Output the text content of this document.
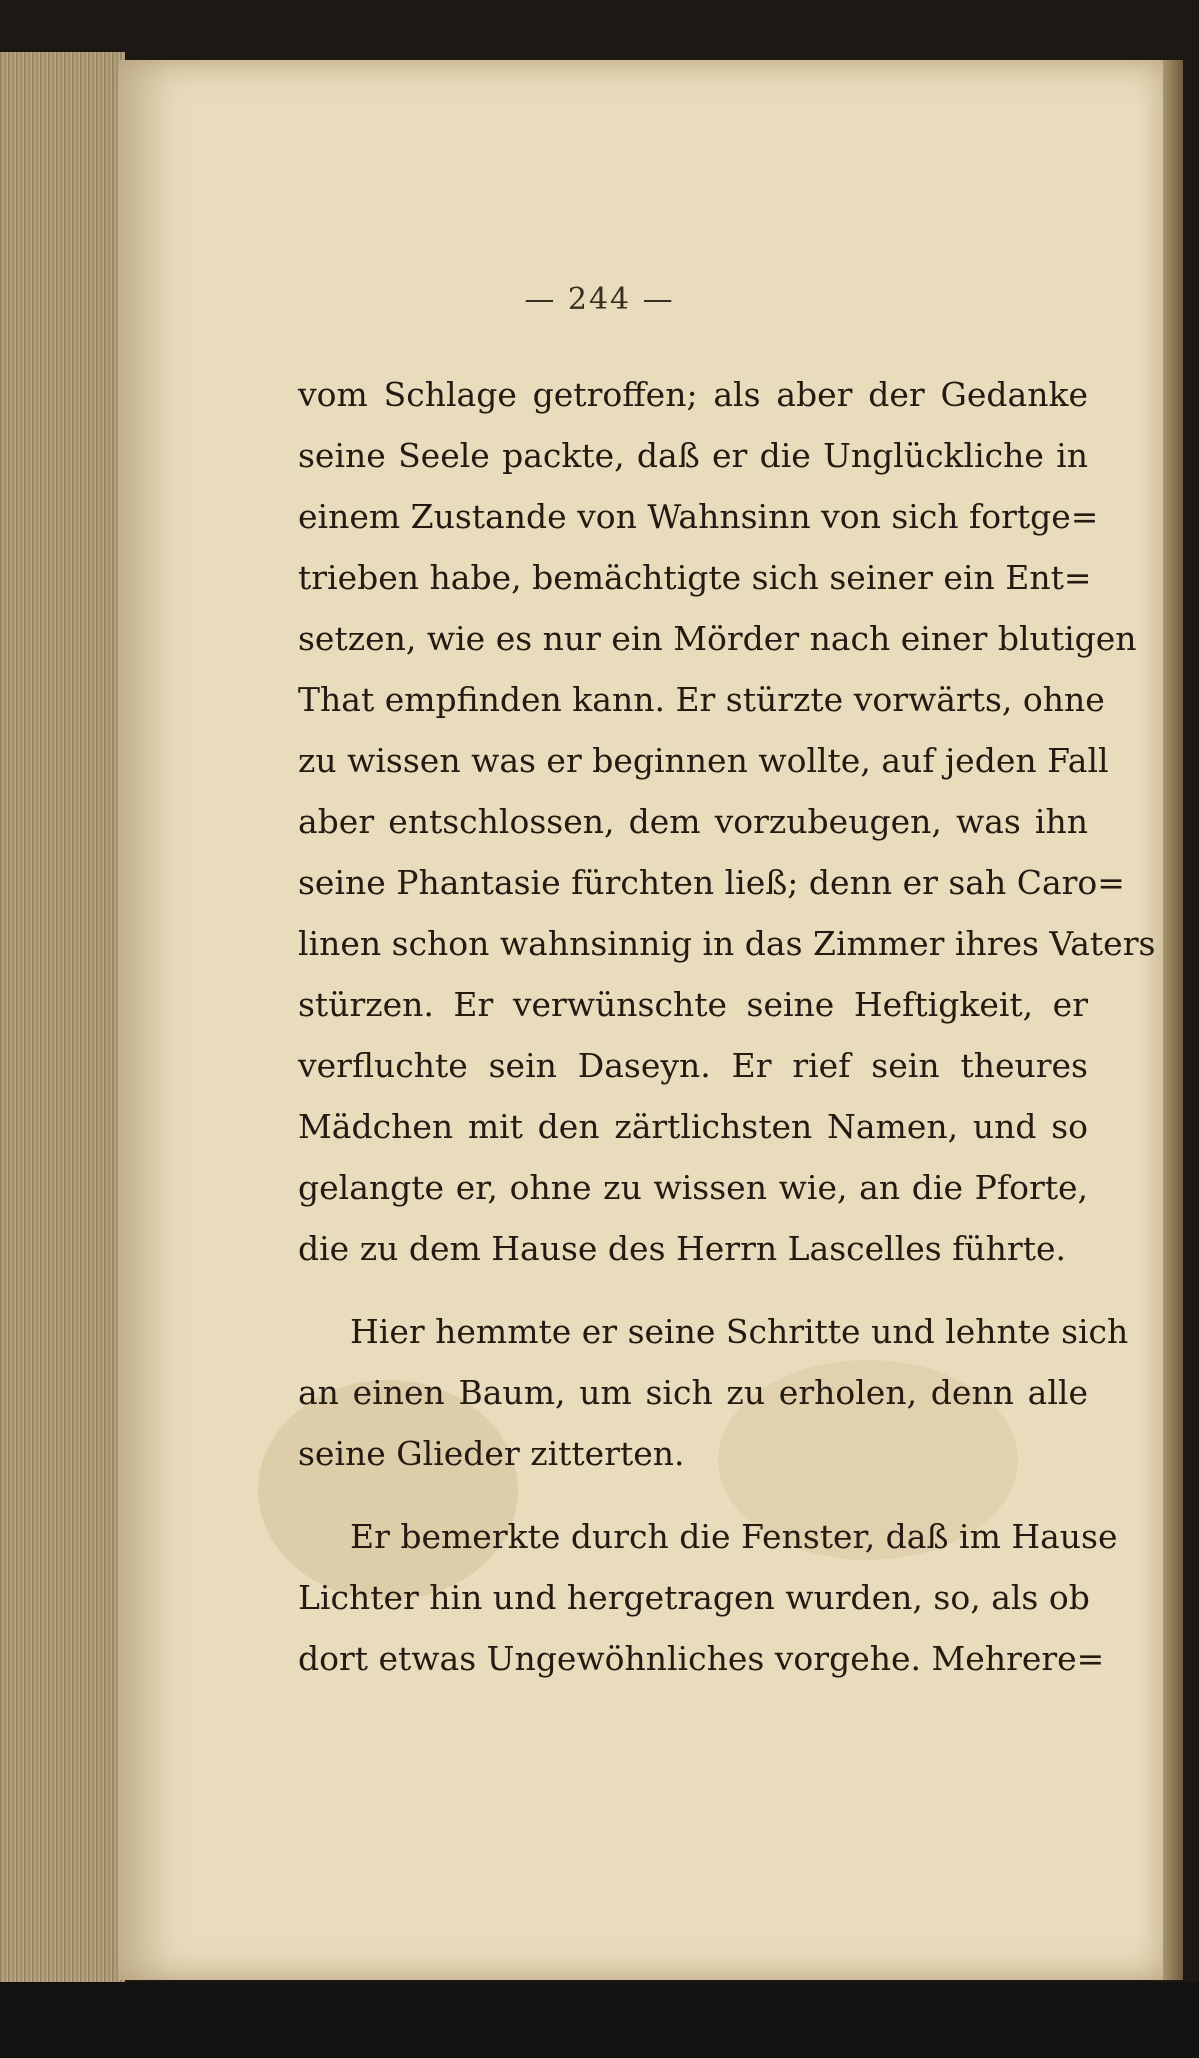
— 244 —
vom Schlage getroffen; als aber der Gedanke
seine Seele packte, daß er die Unglückliche in
einem Zustande von Wahnsinn von sich fortge=
trieben habe, bemächtigte sich seiner ein Ent=
setzen, wie es nur ein Mörder nach einer blutigen
That empfinden kann. Er stürzte vorwärts, ohne
zu wissen was er beginnen wollte, auf jeden Fall
aber entschlossen, dem vorzubeugen, was ihn
seine Phantasie fürchten ließ; denn er sah Caro=
linen schon wahnsinnig in das Zimmer ihres Vaters
stürzen. Er verwünschte seine Heftigkeit, er
verfluchte sein Daseyn. Er rief sein theures
Mädchen mit den zärtlichsten Namen, und so
gelangte er, ohne zu wissen wie, an die Pforte,
die zu dem Hause des Herrn Lascelles führte.
Hier hemmte er seine Schritte und lehnte sich
an einen Baum, um sich zu erholen, denn alle
seine Glieder zitterten.
Er bemerkte durch die Fenster, daß im Hause
Lichter hin und hergetragen wurden, so, als ob
dort etwas Ungewöhnliches vorgehe. Mehrere=
